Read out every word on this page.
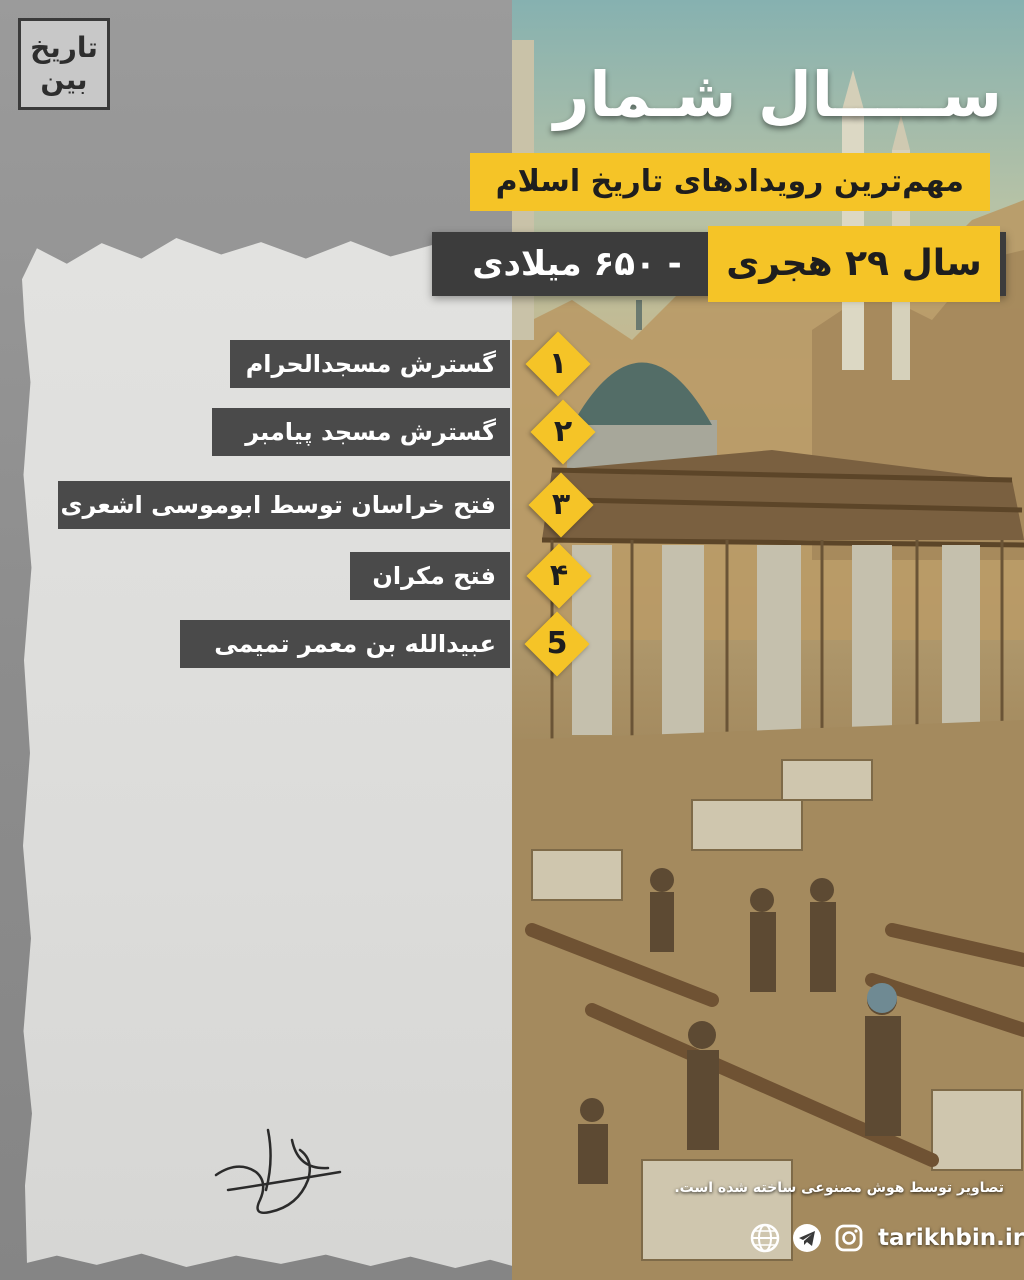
تاریخ
بین	ســـــال شـمار
مهم‌ترین رویدادهای تاریخ اسلام
- ۶۵۰ میلادی	سال ۲۹ هجری
گسترش مسجدالحرام	۱
گسترش مسجد پیامبر	۲
فتح خراسان توسط ابوموسی اشعری	۳
فتح مکران	۴
عبیدالله بن معمر تمیمی	5
تصاویر توسط هوش مصنوعی ساخته شده است.
tarikhbin.ir
